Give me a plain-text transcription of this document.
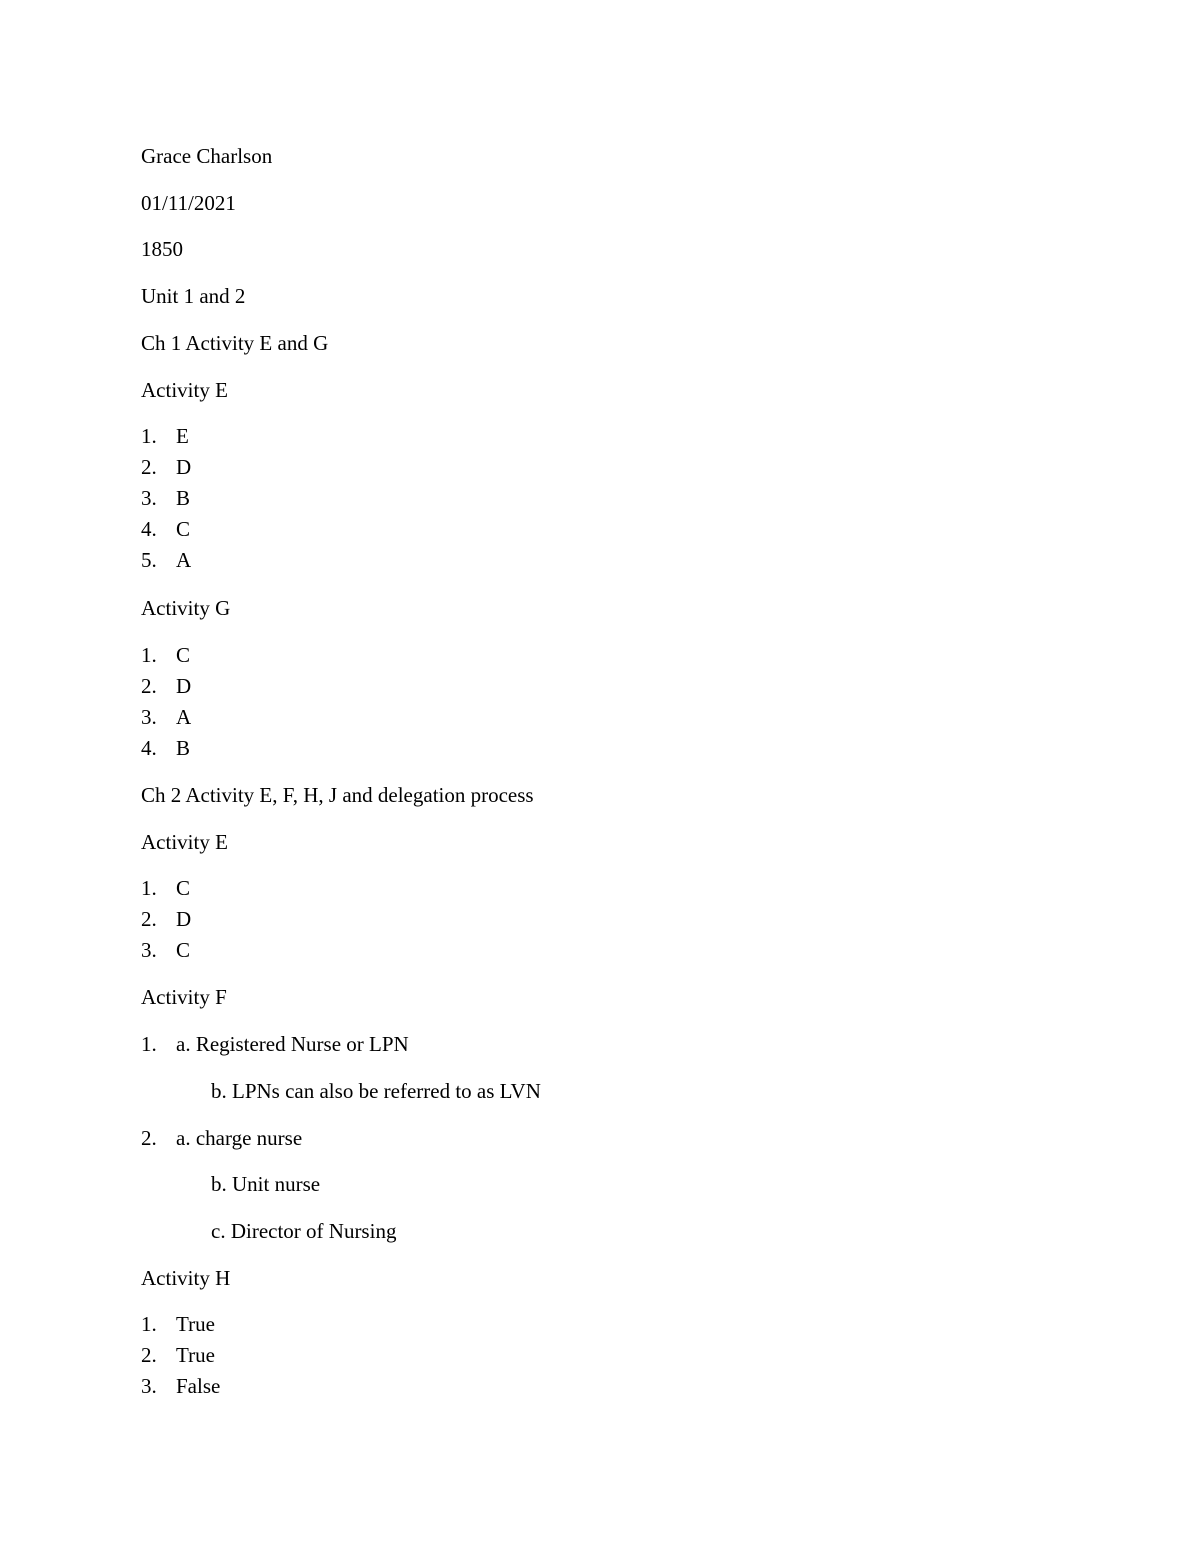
Grace Charlson
01/11/2021
1850
Unit 1 and 2
Ch 1 Activity E and G
Activity E
1. E
2. D
3. B
4. C
5. A
Activity G
1. C
2. D
3. A
4. B
Ch 2 Activity E, F, H, J and delegation process
Activity E
1. C
2. D
3. C
Activity F
1. a. Registered Nurse or LPN
b. LPNs can also be referred to as LVN
2. a. charge nurse
b. Unit nurse
c. Director of Nursing
Activity H
1. True
2. True
3. False
